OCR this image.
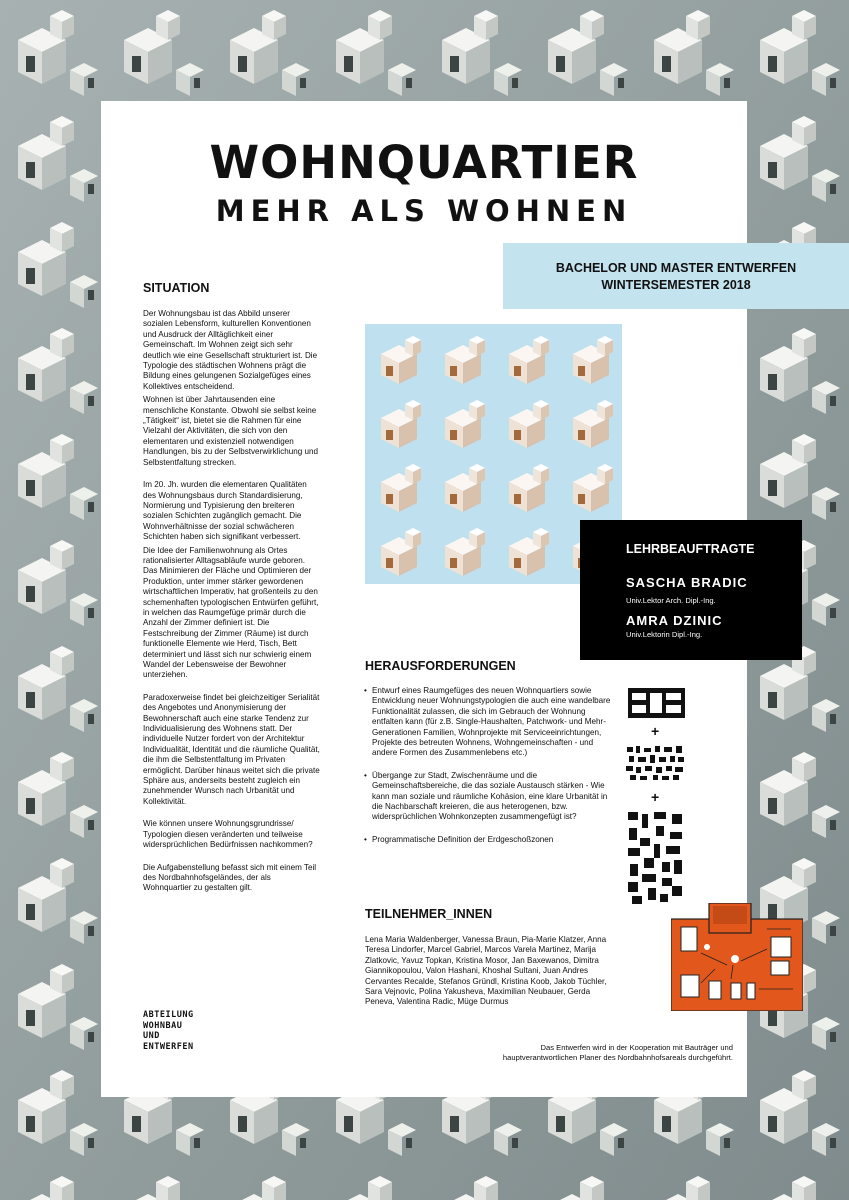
WOHNQUARTIER
MEHR ALS WOHNEN
BACHELOR UND MASTER ENTWERFEN
WINTERSEMESTER 2018
SITUATION

Der Wohnungsbau ist das Abbild unserer sozialen Lebensform, kulturellen Konventionen und Ausdruck der Alltäglichkeit einer Gemeinschaft. Im Wohnen zeigt sich sehr deutlich wie eine Gesellschaft strukturiert ist. Die Typologie des städtischen Wohnens prägt die Bildung eines gelungenen Sozialgefüges eines Kollektives entscheidend.

Wohnen ist über Jahrtausenden eine menschliche Konstante. Obwohl sie selbst keine „Tätigkeit“ ist, bietet sie die Rahmen für eine Vielzahl der Aktivitäten, die sich von den elementaren und existenziell notwendigen Handlungen, bis zu der Selbstverwirklichung und Selbstentfaltung strecken.

Im 20. Jh. wurden die elementaren Qualitäten des Wohnungsbaus durch Standardisierung, Normierung und Typisierung den breiteren sozialen Schichten zugänglich gemacht. Die Wohnverhältnisse der sozial schwächeren Schichten haben sich signifikant verbessert.

Die Idee der Familienwohnung als Ortes rationalisierter Alltagsabläufe wurde geboren. Das Minimieren der Fläche und Optimieren der Produktion, unter immer stärker gewordenen wirtschaftlichen Imperativ, hat großenteils zu den schemenhaften typologischen Entwürfen geführt, in welchen das Raumgefüge primär durch die Anzahl der Zimmer definiert ist. Die Festschreibung der Zimmer (Räume) ist durch funktionelle Elemente wie Herd, Tisch, Bett determiniert und lässt sich nur schwierig einem Wandel der Lebensweise der Bewohner unterziehen.

Paradoxerweise findet bei gleichzeitiger Serialität des Angebotes und Anonymisierung der Bewohnerschaft auch eine starke Tendenz zur Individualisierung des Wohnens statt. Der individuelle Nutzer fordert von der Architektur Individualität, Identität und die räumliche Qualität, die ihm die Selbstentfaltung im Privaten ermöglicht. Darüber hinaus weitet sich die private Sphäre aus, anderseits besteht zugleich ein zunehmender Wunsch nach Urbanität und Kollektivität.

Wie können unsere Wohnungsgrundrisse/ Typologien diesen veränderten und teilweise widersprüchlichen Bedürfnissen nachkommen?

Die Aufgabenstellung befasst sich mit einem Teil des Nordbahnhofsgeländes, der als Wohnquartier zu gestalten gilt.

LEHRBEAUFTRAGTE
SASCHA BRADIC
Univ.Lektor Arch. Dipl.-Ing.
AMRA DZINIC
Univ.Lektorin Dipl.-Ing.
HERAUSFORDERUNGEN
• Entwurf eines Raumgefüges des neuen Wohnquartiers sowie Entwicklung neuer Wohnungstypologien die auch eine wandelbare Funktionalität zulassen, die sich im Gebrauch der Wohnung entfalten kann (für z.B. Single-Haushalten, Patchwork- und Mehr-Generationen Familien, Wohnprojekte mit Serviceeinrichtungen, Projekte des betreuten Wohnens, Wohngemeinschaften - und andere Formen des Zusammenlebens etc.)
• Übergange zur Stadt, Zwischenräume und die Gemeinschaftsbereiche, die das soziale Austausch stärken - Wie kann man soziale und räumliche Kohäsion, eine klare Urbanität in die Nachbarschaft kreieren, die aus heterogenen, bzw. widersprüchlichen Wohnkonzepten zusammengefügt ist?
• Programmatische Definition der Erdgeschoßzonen
+
+
TEILNEHMER_INNEN
Lena Maria Waldenberger, Vanessa Braun, Pia-Marie Klatzer, Anna Teresa Lindorfer, Marcel Gabriel, Marcos Varela Martinez, Marija Zlatkovic, Yavuz Topkan, Kristina Mosor, Jan Baxewanos, Dimitra Giannikopoulou, Valon Hashani, Khoshal Sultani, Juan Andres Cervantes Recalde, Stefanos Gründl, Kristina Koob, Jakob Tüchler, Sara Vejnovic, Polina Yakusheva, Maximilian Neubauer, Gerda Peneva, Valentina Radic, Müge Durmus
ABTEILUNG
WOHNBAU
UND
ENTWERFEN	Das Entwerfen wird in der Kooperation mit Bauträger und hauptverantwortlichen Planer des Nordbahnhofsareals durchgeführt.
